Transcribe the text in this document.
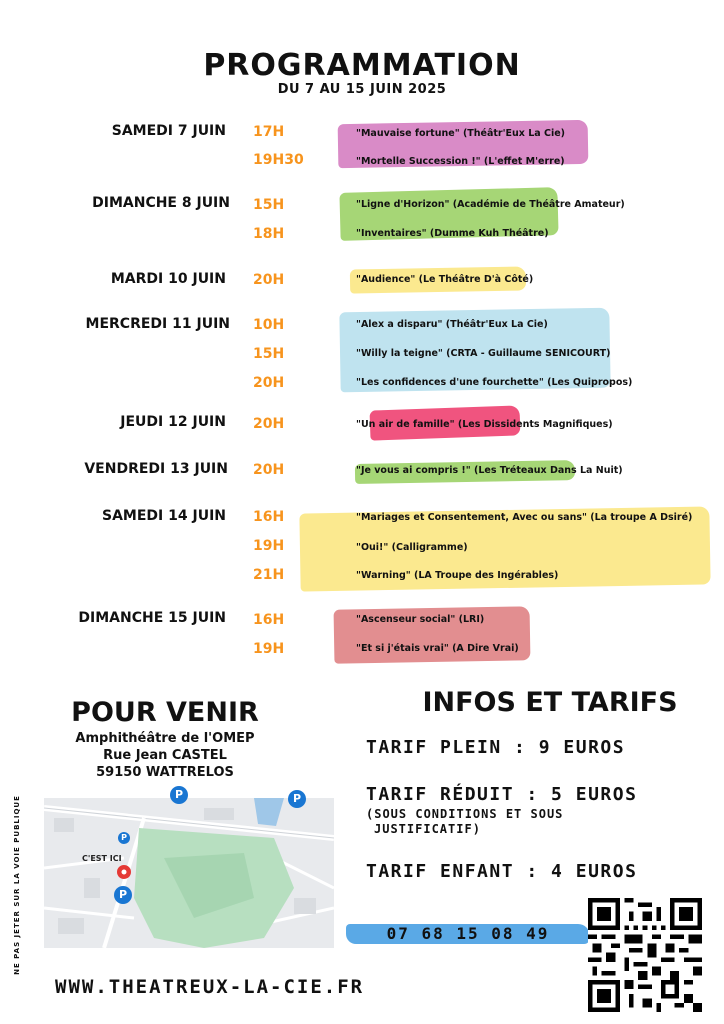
PROGRAMMATION
DU 7 AU 15 JUIN 2025
SAMEDI 7 JUIN
DIMANCHE 8 JUIN
MARDI 10 JUIN
MERCREDI 11 JUIN
JEUDI 12 JUIN
VENDREDI 13 JUIN
SAMEDI 14 JUIN
DIMANCHE 15 JUIN
17H
19H30
15H
18H
20H
10H
15H
20H
20H
20H
16H
19H
21H
16H
19H
"Mauvaise fortune" (Théâtr'Eux La Cie)
"Mortelle Succession !" (L'effet M'erre)
"Ligne d'Horizon" (Académie de Théâtre Amateur)
"Inventaires" (Dumme Kuh Théâtre)
"Audience" (Le Théâtre D'à Côté)
"Alex a disparu" (Théâtr'Eux La Cie)
"Willy la teigne" (CRTA - Guillaume SENICOURT)
"Les confidences d'une fourchette" (Les Quipropos)
"Un air de famille" (Les Dissidents Magnifiques)
"Je vous ai compris !" (Les Tréteaux Dans La Nuit)
"Mariages et Consentement, Avec ou sans" (La troupe A Dsiré)
"Oui!" (Calligramme)
"Warning" (LA Troupe des Ingérables)
"Ascenseur social" (LRI)
"Et si j'étais vrai" (A Dire Vrai)
POUR VENIR
Amphithéâtre de l'OMEP
Rue Jean CASTEL
59150 WATTRELOS
C'EST ICI
P	P
P
P
INFOS ET TARIFS
TARIF PLEIN : 9 EUROS
TARIF RÉDUIT : 5 EUROS
(SOUS CONDITIONS ET SOUS
JUSTIFICATIF)
TARIF ENFANT : 4 EUROS
07 68 15 08 49
WWW.THEATREUX-LA-CIE.FR
NE PAS JETER SUR LA VOIE PUBLIQUE
